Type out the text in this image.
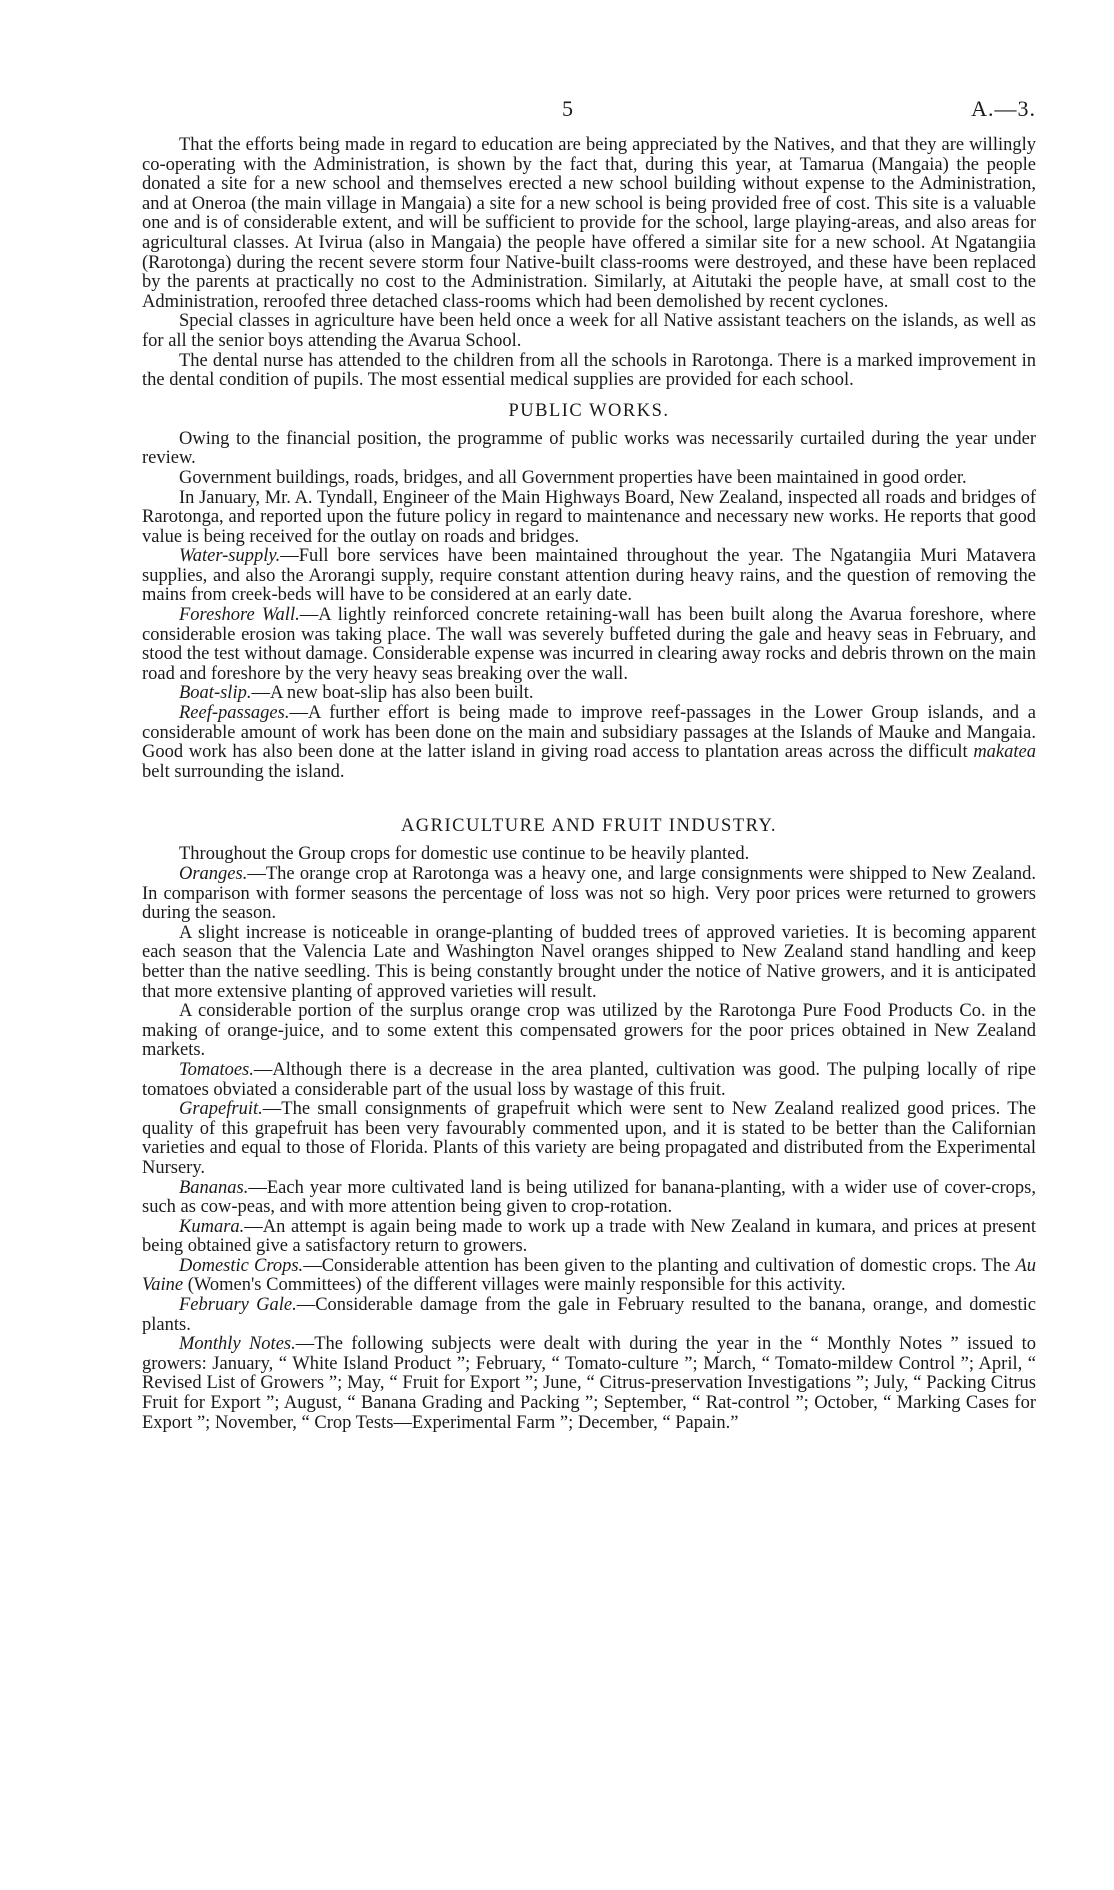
5	A.—3.

That the efforts being made in regard to education are being appreciated by the Natives, and that they are willingly co-operating with the Administration, is shown by the fact that, during this year, at Tamarua (Mangaia) the people donated a site for a new school and themselves erected a new school building without expense to the Administration, and at Oneroa (the main village in Mangaia) a site for a new school is being provided free of cost. This site is a valuable one and is of considerable extent, and will be sufficient to provide for the school, large playing-areas, and also areas for agricultural classes. At Ivirua (also in Mangaia) the people have offered a similar site for a new school. At Ngatangiia (Rarotonga) during the recent severe storm four Native-built class-rooms were destroyed, and these have been replaced by the parents at practically no cost to the Administration. Similarly, at Aitutaki the people have, at small cost to the Administration, reroofed three detached class-rooms which had been demolished by recent cyclones.

Special classes in agriculture have been held once a week for all Native assistant teachers on the islands, as well as for all the senior boys attending the Avarua School.

The dental nurse has attended to the children from all the schools in Rarotonga. There is a marked improvement in the dental condition of pupils. The most essential medical supplies are provided for each school.

PUBLIC WORKS.

Owing to the financial position, the programme of public works was necessarily curtailed during the year under review.

Government buildings, roads, bridges, and all Government properties have been maintained in good order.

In January, Mr. A. Tyndall, Engineer of the Main Highways Board, New Zealand, inspected all roads and bridges of Rarotonga, and reported upon the future policy in regard to maintenance and necessary new works. He reports that good value is being received for the outlay on roads and bridges.

Water-supply.—Full bore services have been maintained throughout the year. The Ngatangiia Muri Matavera supplies, and also the Arorangi supply, require constant attention during heavy rains, and the question of removing the mains from creek-beds will have to be considered at an early date.

Foreshore Wall.—A lightly reinforced concrete retaining-wall has been built along the Avarua foreshore, where considerable erosion was taking place. The wall was severely buffeted during the gale and heavy seas in February, and stood the test without damage. Considerable expense was incurred in clearing away rocks and debris thrown on the main road and foreshore by the very heavy seas breaking over the wall.

Boat-slip.—A new boat-slip has also been built.

Reef-passages.—A further effort is being made to improve reef-passages in the Lower Group islands, and a considerable amount of work has been done on the main and subsidiary passages at the Islands of Mauke and Mangaia. Good work has also been done at the latter island in giving road access to plantation areas across the difficult makatea belt surrounding the island.

AGRICULTURE AND FRUIT INDUSTRY.

Throughout the Group crops for domestic use continue to be heavily planted.

Oranges.—The orange crop at Rarotonga was a heavy one, and large consignments were shipped to New Zealand. In comparison with former seasons the percentage of loss was not so high. Very poor prices were returned to growers during the season.

A slight increase is noticeable in orange-planting of budded trees of approved varieties. It is becoming apparent each season that the Valencia Late and Washington Navel oranges shipped to New Zealand stand handling and keep better than the native seedling. This is being constantly brought under the notice of Native growers, and it is anticipated that more extensive planting of approved varieties will result.

A considerable portion of the surplus orange crop was utilized by the Rarotonga Pure Food Products Co. in the making of orange-juice, and to some extent this compensated growers for the poor prices obtained in New Zealand markets.

Tomatoes.—Although there is a decrease in the area planted, cultivation was good. The pulping locally of ripe tomatoes obviated a considerable part of the usual loss by wastage of this fruit.

Grapefruit.—The small consignments of grapefruit which were sent to New Zealand realized good prices. The quality of this grapefruit has been very favourably commented upon, and it is stated to be better than the Californian varieties and equal to those of Florida. Plants of this variety are being propagated and distributed from the Experimental Nursery.

Bananas.—Each year more cultivated land is being utilized for banana-planting, with a wider use of cover-crops, such as cow-peas, and with more attention being given to crop-rotation.

Kumara.—An attempt is again being made to work up a trade with New Zealand in kumara, and prices at present being obtained give a satisfactory return to growers.

Domestic Crops.—Considerable attention has been given to the planting and cultivation of domestic crops. The Au Vaine (Women's Committees) of the different villages were mainly responsible for this activity.

February Gale.—Considerable damage from the gale in February resulted to the banana, orange, and domestic plants.

Monthly Notes.—The following subjects were dealt with during the year in the “ Monthly Notes ” issued to growers: January, “ White Island Product ”; February, “ Tomato-culture ”; March, “ Tomato-mildew Control ”; April, “ Revised List of Growers ”; May, “ Fruit for Export ”; June, “ Citrus-preservation Investigations ”; July, “ Packing Citrus Fruit for Export ”; August, “ Banana Grading and Packing ”; September, “ Rat-control ”; October, “ Marking Cases for Export ”; November, “ Crop Tests—Experimental Farm ”; December, “ Papain.”
